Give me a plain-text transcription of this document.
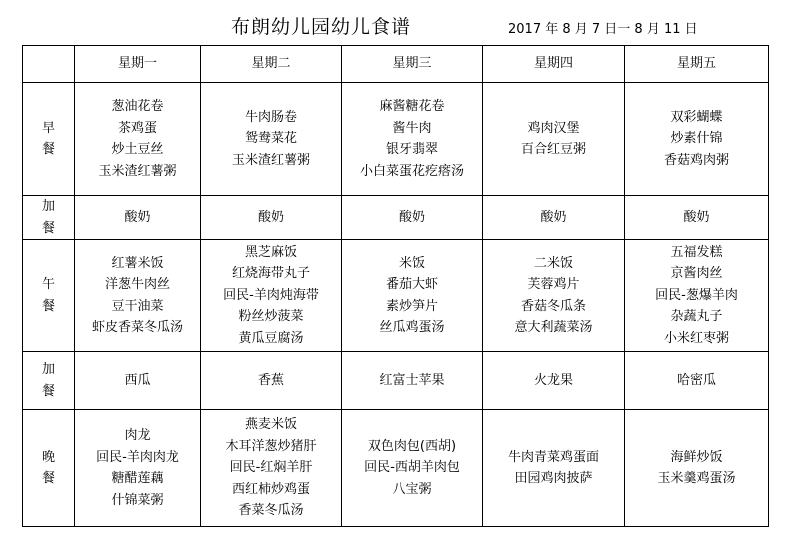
布朗幼儿园幼儿食谱	2017 年 8 月 7 日一 8 月 11 日
	星期一	星期二	星期三	星期四	星期五

早
餐	葱油花卷
茶鸡蛋
炒土豆丝
玉米渣红薯粥	牛肉肠卷
鸳鸯菜花
玉米渣红薯粥	麻酱糖花卷
酱牛肉
银牙翡翠
小白菜蛋花疙瘩汤	鸡肉汉堡
百合红豆粥	双彩蝴蝶
炒素什锦
香菇鸡肉粥

加
餐	酸奶	酸奶	酸奶	酸奶	酸奶

午
餐	红薯米饭
洋葱牛肉丝
豆干油菜
虾皮香菜冬瓜汤	黑芝麻饭
红烧海带丸子
回民-羊肉炖海带
粉丝炒菠菜
黄瓜豆腐汤	米饭
番茄大虾
素炒笋片
丝瓜鸡蛋汤	二米饭
芙蓉鸡片
香菇冬瓜条
意大利蔬菜汤	五福发糕
京酱肉丝
回民-葱爆羊肉
杂蔬丸子
小米红枣粥

加
餐	西瓜	香蕉	红富士苹果	火龙果	哈密瓜

晚
餐	肉龙
回民-羊肉肉龙
糖醋莲藕
什锦菜粥	燕麦米饭
木耳洋葱炒猪肝
回民-红焖羊肝
西红柿炒鸡蛋
香菜冬瓜汤	双色肉包(西胡)
回民-西胡羊肉包
八宝粥	牛肉青菜鸡蛋面
田园鸡肉披萨	海鲜炒饭
玉米羹鸡蛋汤
